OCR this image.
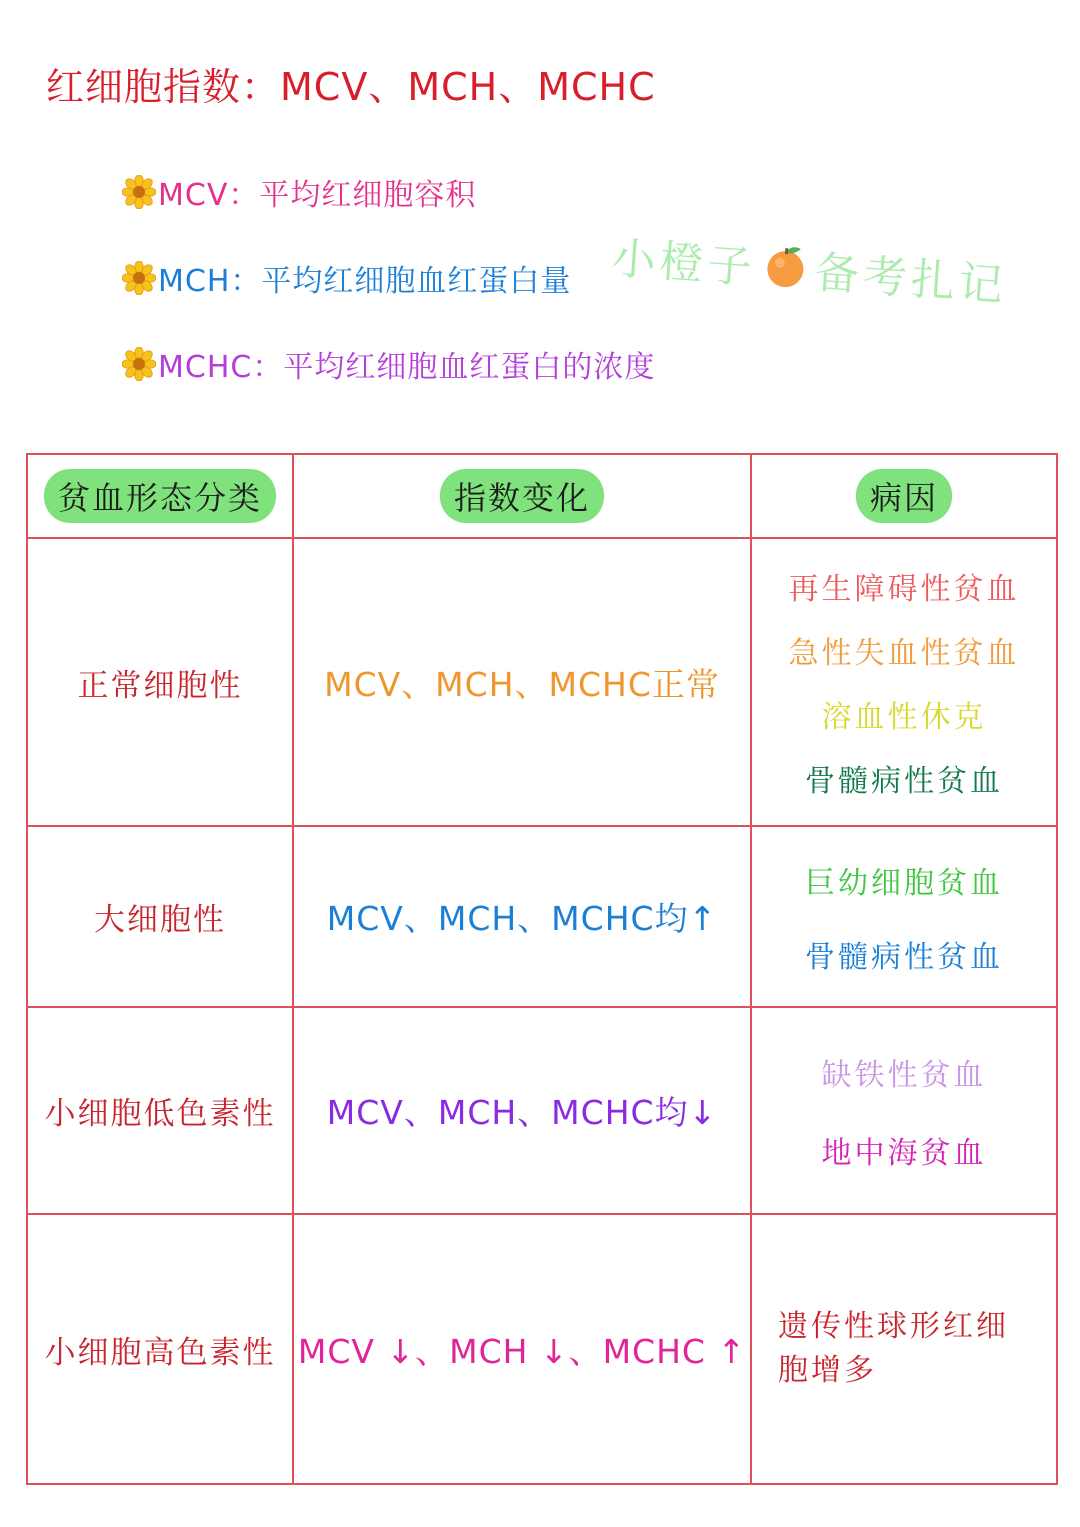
红细胞指数：MCV、MCH、MCHC
MCV：平均红细胞容积
MCH：平均红细胞血红蛋白量
MCHC：平均红细胞血红蛋白的浓度
小橙子 备考扎记
贫血形态分类	指数变化	病因
正常细胞性	MCV、MCH、MCHC正常	再生障碍性贫血
急性失血性贫血
溶血性休克
骨髓病性贫血

大细胞性	MCV、MCH、MCHC均↑	巨幼细胞贫血
骨髓病性贫血

小细胞低色素性	MCV、MCH、MCHC均↓	缺铁性贫血
地中海贫血

小细胞高色素性	MCV ↓、MCH ↓、MCHC ↑	遗传性球形红细胞增多
